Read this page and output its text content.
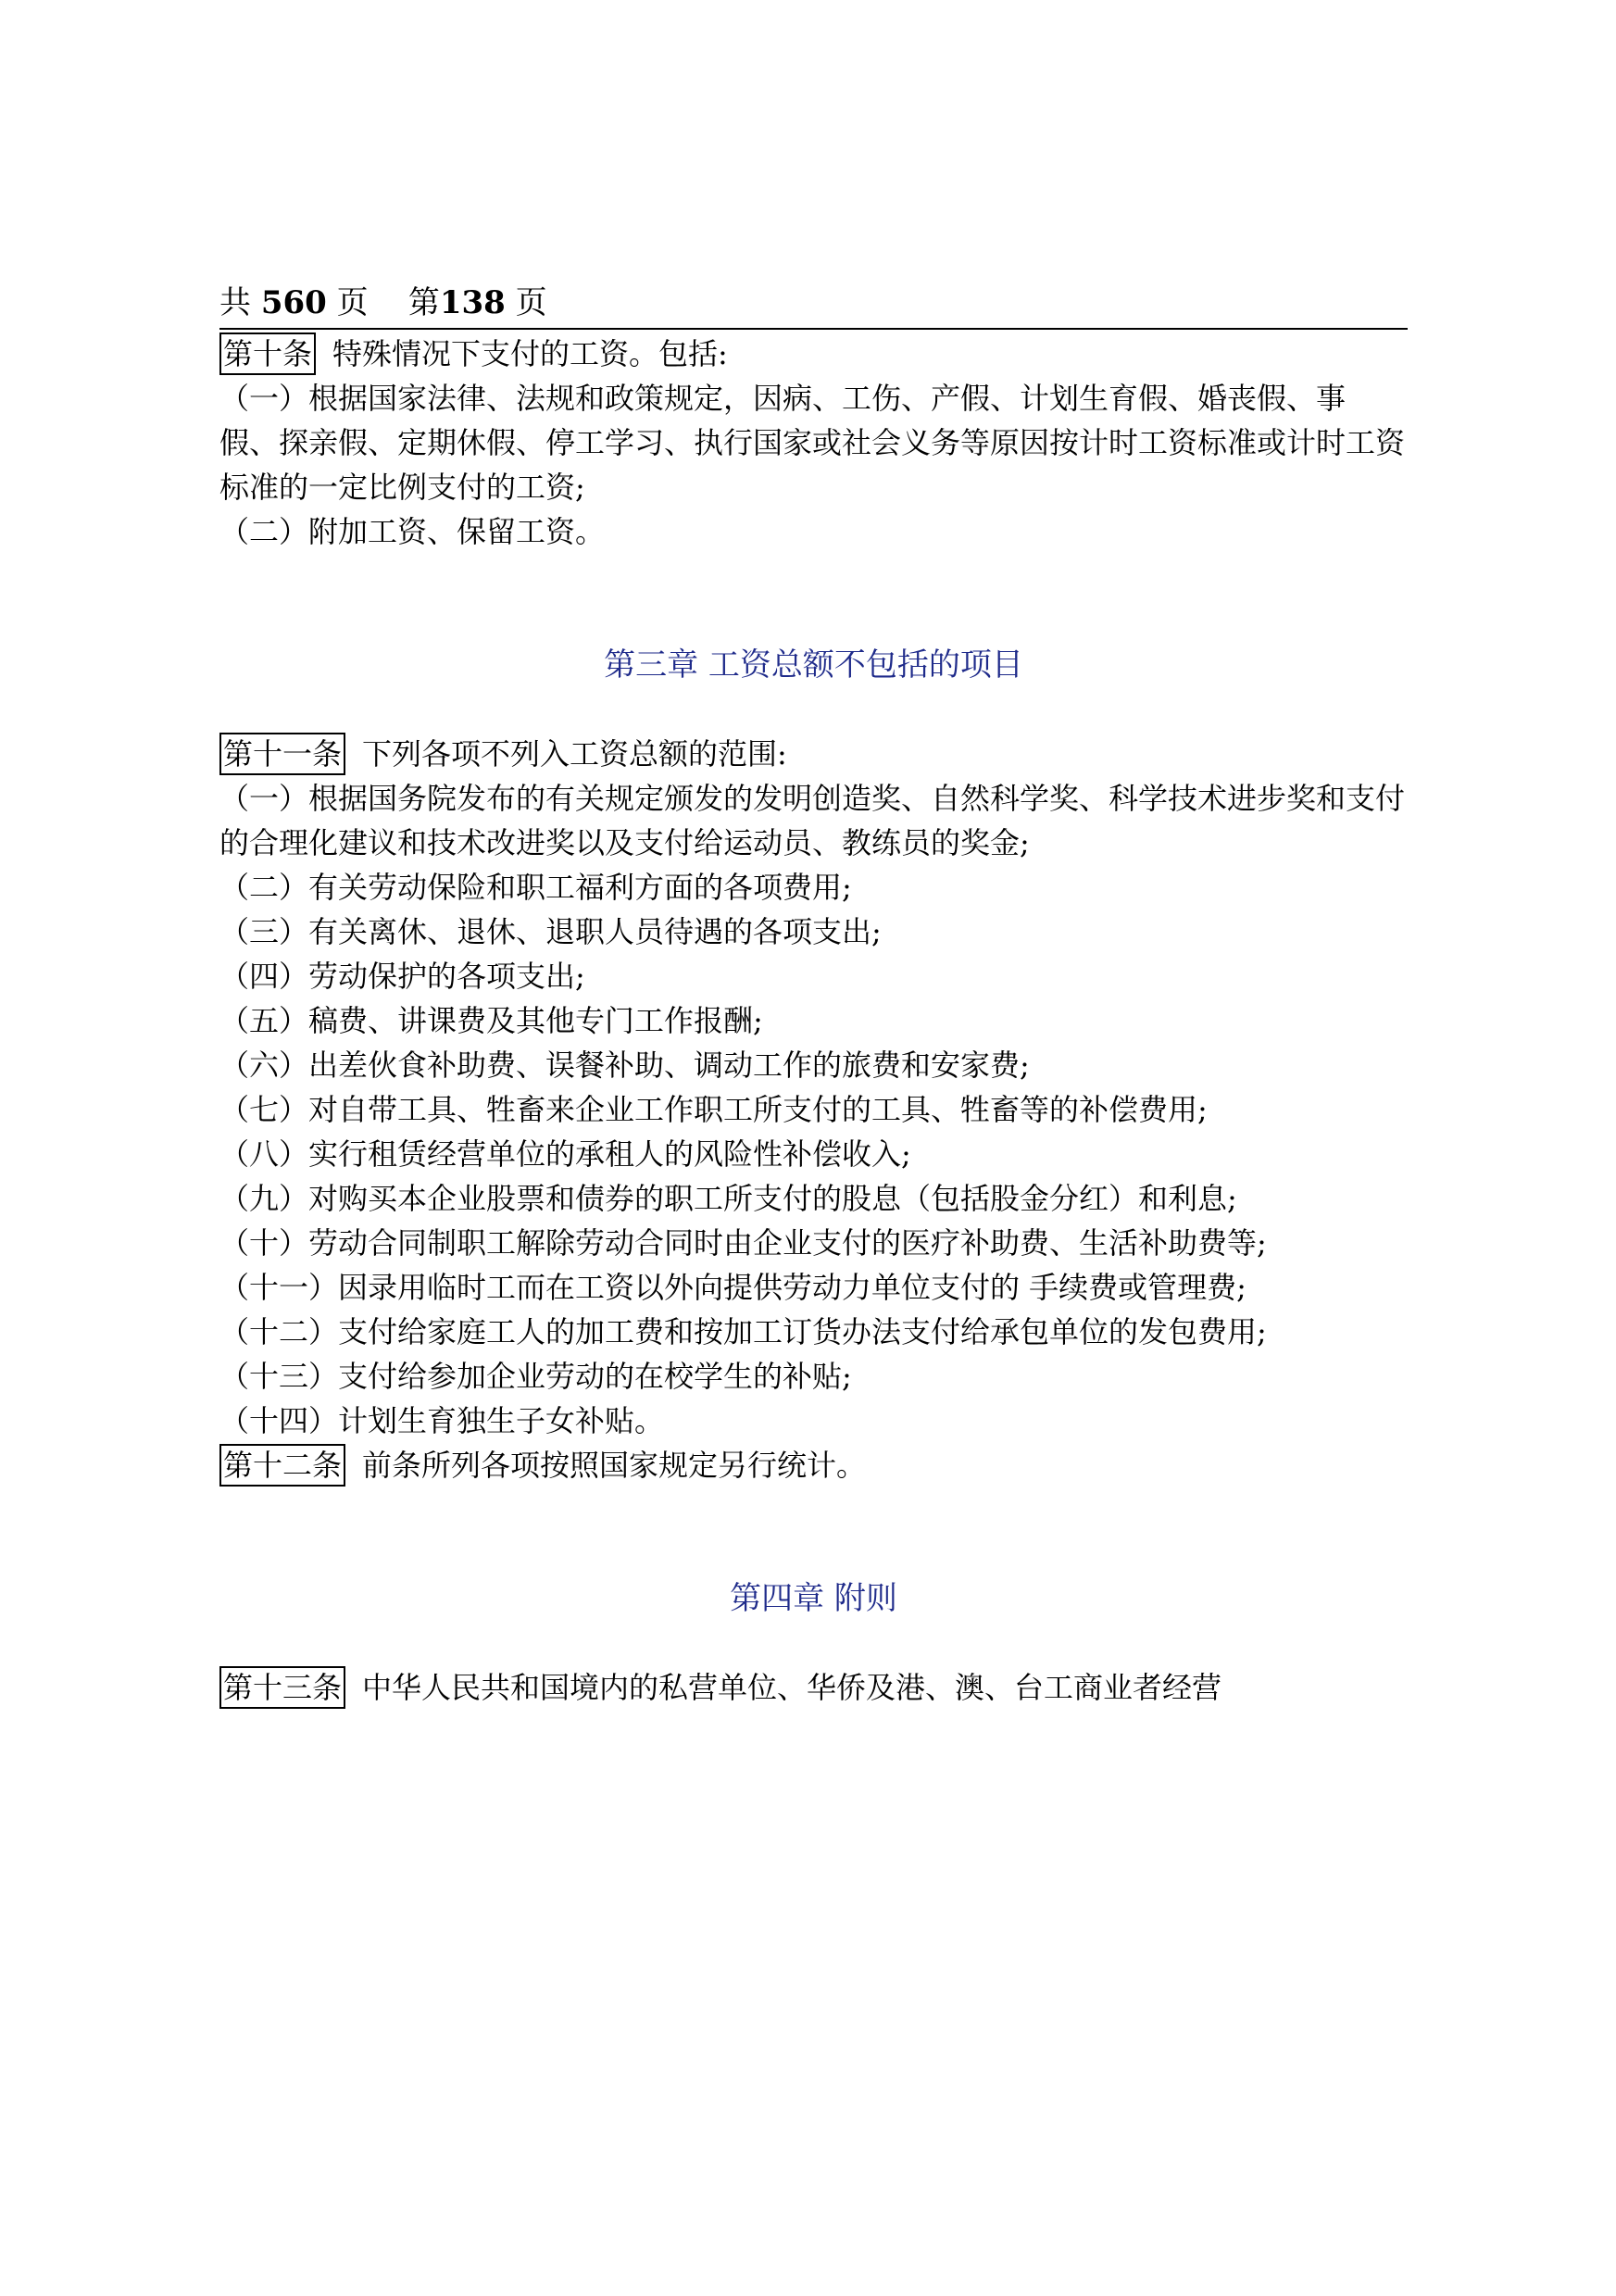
共 560 页 第138 页

第十条 特殊情况下支付的工资。包括:

（一）根据国家法律、法规和政策规定，因病、工伤、产假、计划生育假、婚丧假、事 假、探亲假、定期休假、停工学习、执行国家或社会义务等原因按计时工资标准或计时工资标准的一定比例支付的工资;

（二）附加工资、保留工资。

第三章 工资总额不包括的项目

第十一条 下列各项不列入工资总额的范围:

（一）根据国务院发布的有关规定颁发的发明创造奖、自然科学奖、科学技术进步奖和支付的合理化建议和技术改进奖以及支付给运动员、教练员的奖金;

（二）有关劳动保险和职工福利方面的各项费用;

（三）有关离休、退休、退职人员待遇的各项支出;

（四）劳动保护的各项支出;

（五）稿费、讲课费及其他专门工作报酬;

（六）出差伙食补助费、误餐补助、调动工作的旅费和安家费;

（七）对自带工具、牲畜来企业工作职工所支付的工具、牲畜等的补偿费用;

（八）实行租赁经营单位的承租人的风险性补偿收入;

（九）对购买本企业股票和债券的职工所支付的股息（包括股金分红）和利息;

（十）劳动合同制职工解除劳动合同时由企业支付的医疗补助费、生活补助费等;

（十一）因录用临时工而在工资以外向提供劳动力单位支付的 手续费或管理费;

（十二）支付给家庭工人的加工费和按加工订货办法支付给承包单位的发包费用;

（十三）支付给参加企业劳动的在校学生的补贴;

（十四）计划生育独生子女补贴。

第十二条 前条所列各项按照国家规定另行统计。

第四章 附则

第十三条 中华人民共和国境内的私营单位、华侨及港、澳、台工商业者经营
